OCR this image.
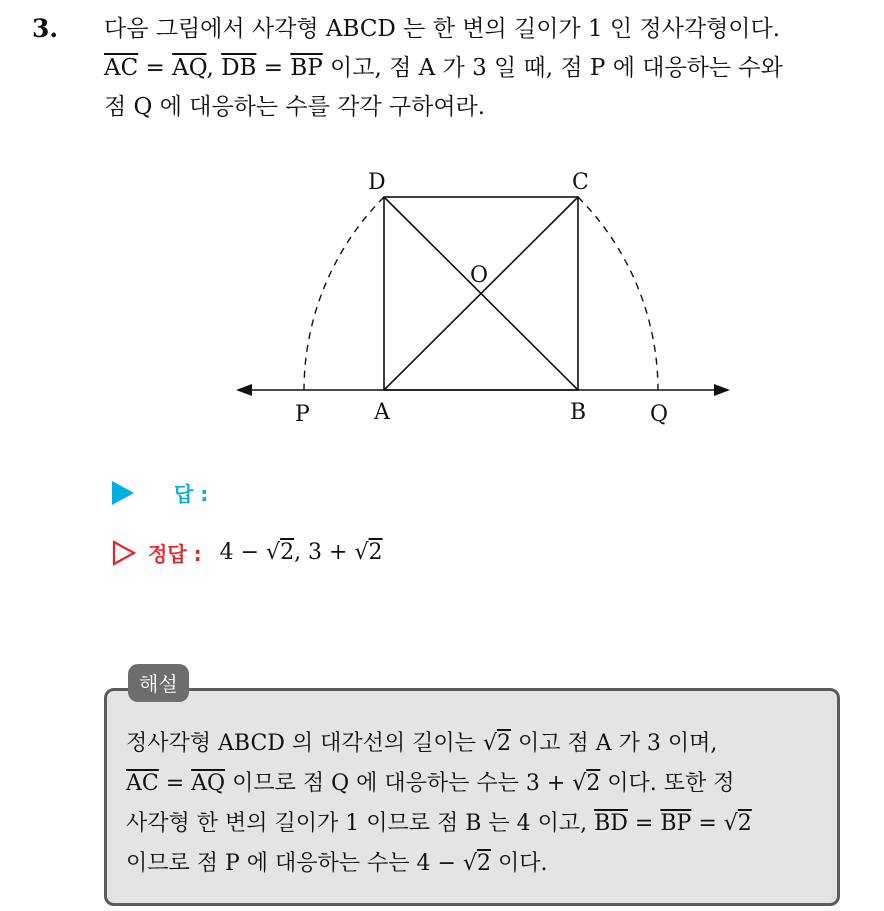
3. 다음 그림에서 사각형 ABCD 는 한 변의 길이가 1 인 정사각형이다.
$\overline{AC} = \overline{AQ}$, $\overline{DB} = \overline{BP}$ 이고, 점 A 가 3 일 때, 점 P 에 대응하는 수와
점 Q 에 대응하는 수를 각각 구하여라.
D	C
O
P	A	B	Q
답 :
정답 : 4 − √2, 3 + √2
해설
정사각형 ABCD 의 대각선의 길이는 √2 이고 점 A 가 3 이며,
$\overline{AC} = \overline{AQ}$ 이므로 점 Q 에 대응하는 수는 3 + √2 이다. 또한 정
사각형 한 변의 길이가 1 이므로 점 B 는 4 이고, $\overline{BD} = \overline{BP} = √2$
이므로 점 P 에 대응하는 수는 4 − √2 이다.
